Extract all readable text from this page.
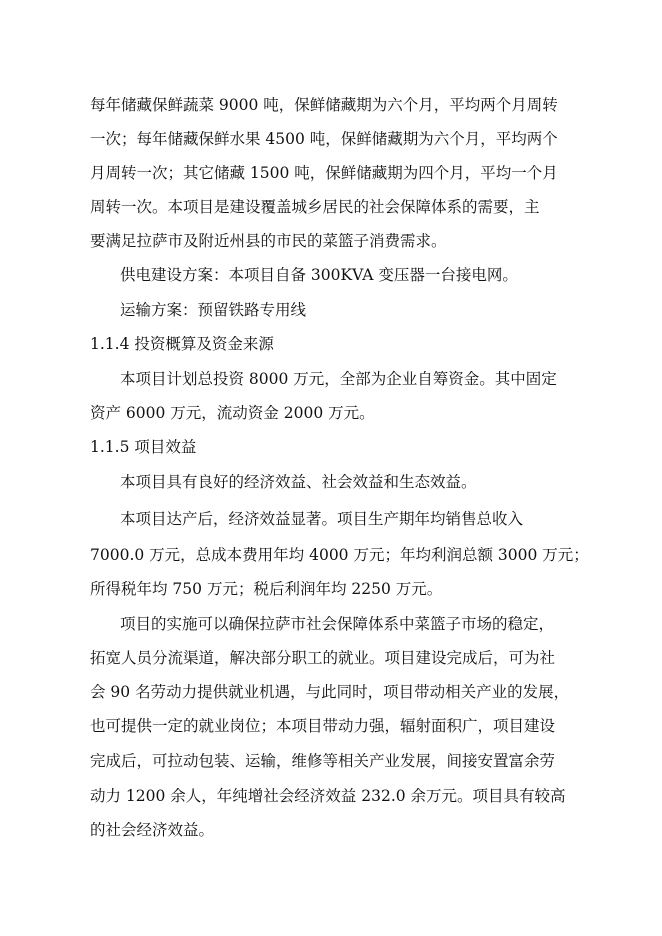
每年储藏保鲜蔬菜 9000 吨，保鲜储藏期为六个月，平均两个月周转
一次；每年储藏保鲜水果 4500 吨，保鲜储藏期为六个月，平均两个
月周转一次；其它储藏 1500 吨，保鲜储藏期为四个月，平均一个月
周转一次。本项目是建设覆盖城乡居民的社会保障体系的需要，主
要满足拉萨市及附近州县的市民的菜篮子消费需求。
供电建设方案：本项目自备 300KVA 变压器一台接电网。
运输方案：预留铁路专用线
1.1.4 投资概算及资金来源
本项目计划总投资 8000 万元，全部为企业自筹资金。其中固定
资产 6000 万元，流动资金 2000 万元。
1.1.5 项目效益
本项目具有良好的经济效益、社会效益和生态效益。
本项目达产后，经济效益显著。项目生产期年均销售总收入
7000.0 万元，总成本费用年均 4000 万元；年均利润总额 3000 万元；
所得税年均 750 万元；税后利润年均 2250 万元。
项目的实施可以确保拉萨市社会保障体系中菜篮子市场的稳定，
拓宽人员分流渠道，解决部分职工的就业。项目建设完成后，可为社
会 90 名劳动力提供就业机遇，与此同时，项目带动相关产业的发展，
也可提供一定的就业岗位；本项目带动力强，辐射面积广，项目建设
完成后，可拉动包装、运输，维修等相关产业发展，间接安置富余劳
动力 1200 余人，年纯增社会经济效益 232.0 余万元。项目具有较高
的社会经济效益。
